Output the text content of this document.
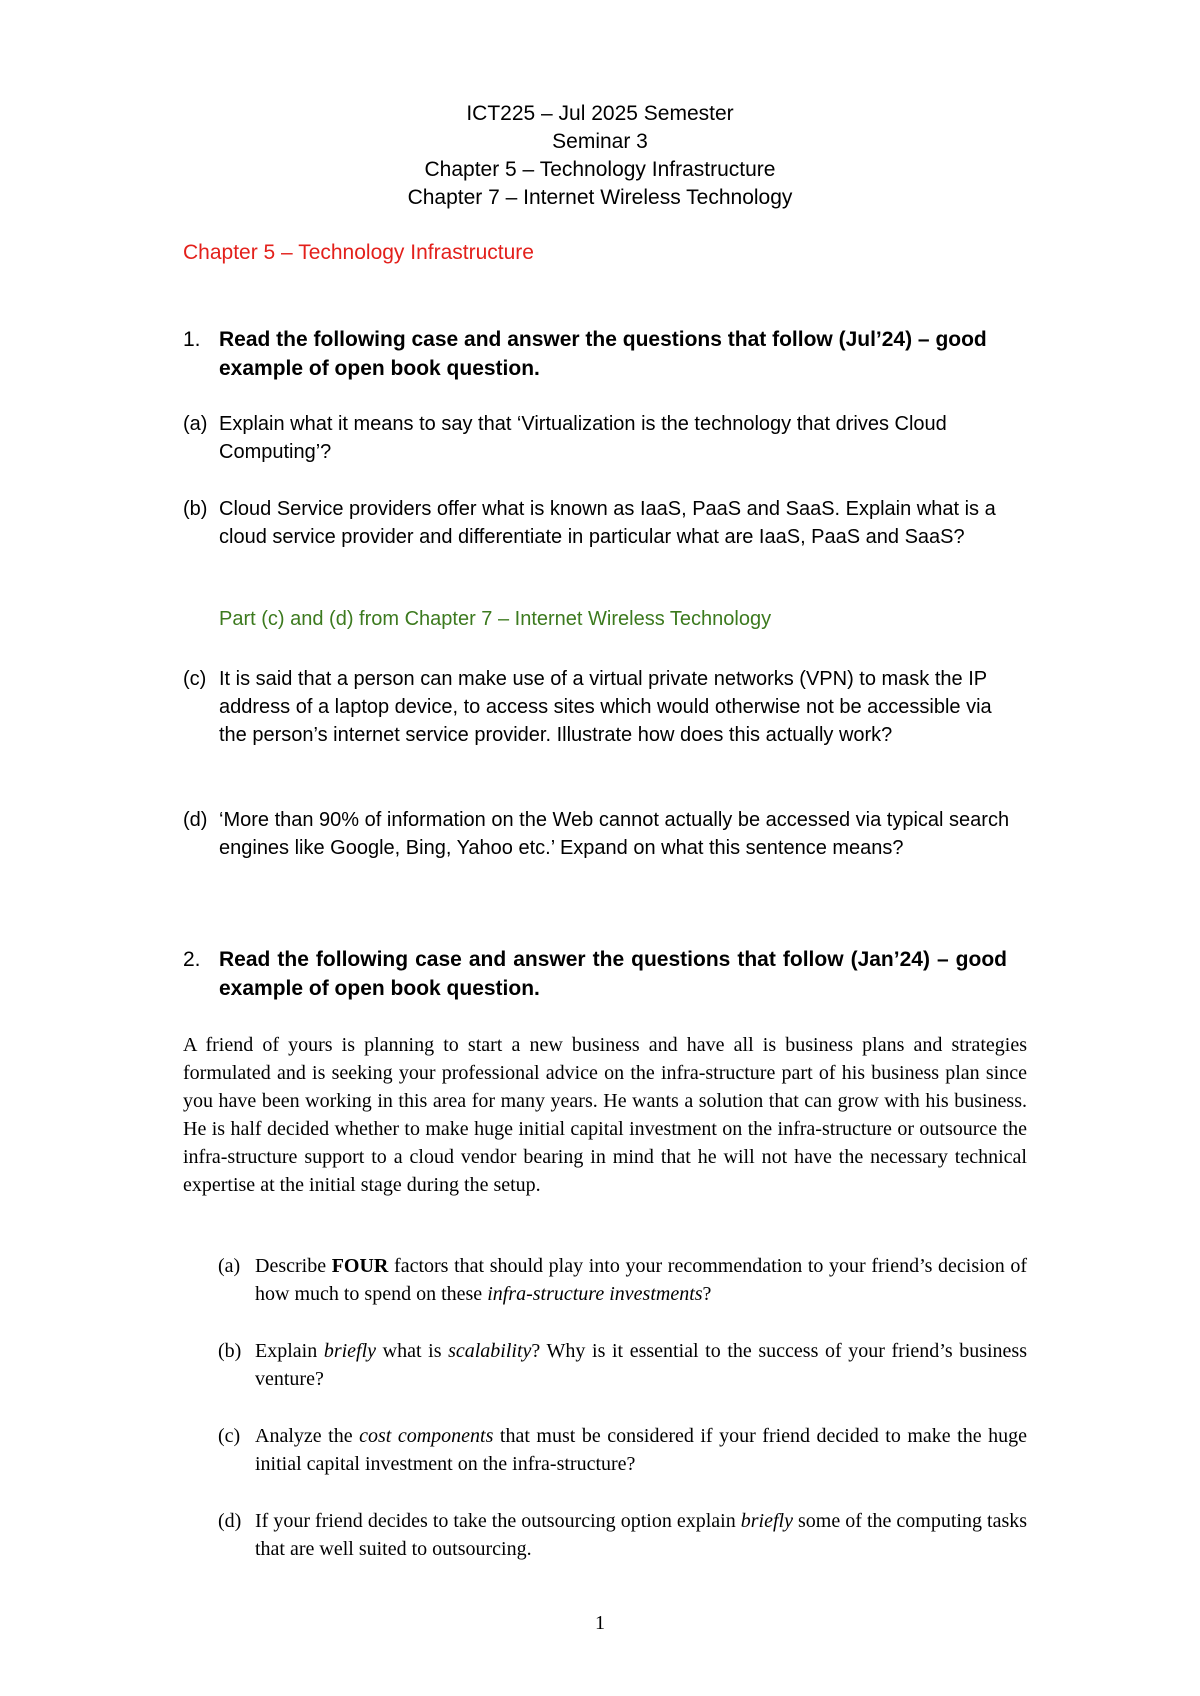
ICT225 – Jul 2025 Semester
Seminar 3
Chapter 5 – Technology Infrastructure
Chapter 7 – Internet Wireless Technology
Chapter 5 – Technology Infrastructure
1. Read the following case and answer the questions that follow (Jul’24) – good example of open book question.
(a) Explain what it means to say that ‘Virtualization is the technology that drives Cloud Computing’?
(b) Cloud Service providers offer what is known as IaaS, PaaS and SaaS. Explain what is a cloud service provider and differentiate in particular what are IaaS, PaaS and SaaS?
Part (c) and (d) from Chapter 7 – Internet Wireless Technology
(c) It is said that a person can make use of a virtual private networks (VPN) to mask the IP address of a laptop device, to access sites which would otherwise not be accessible via the person’s internet service provider. Illustrate how does this actually work?
(d) ‘More than 90% of information on the Web cannot actually be accessed via typical search engines like Google, Bing, Yahoo etc.’ Expand on what this sentence means?
2. Read the following case and answer the questions that follow (Jan’24) – good example of open book question.
A friend of yours is planning to start a new business and have all is business plans and strategies formulated and is seeking your professional advice on the infra-structure part of his business plan since you have been working in this area for many years. He wants a solution that can grow with his business. He is half decided whether to make huge initial capital investment on the infra-structure or outsource the infra-structure support to a cloud vendor bearing in mind that he will not have the necessary technical expertise at the initial stage during the setup.
(a) Describe FOUR factors that should play into your recommendation to your friend’s decision of how much to spend on these infra-structure investments?
(b) Explain briefly what is scalability? Why is it essential to the success of your friend’s business venture?
(c) Analyze the cost components that must be considered if your friend decided to make the huge initial capital investment on the infra-structure?
(d) If your friend decides to take the outsourcing option explain briefly some of the computing tasks that are well suited to outsourcing.
1
